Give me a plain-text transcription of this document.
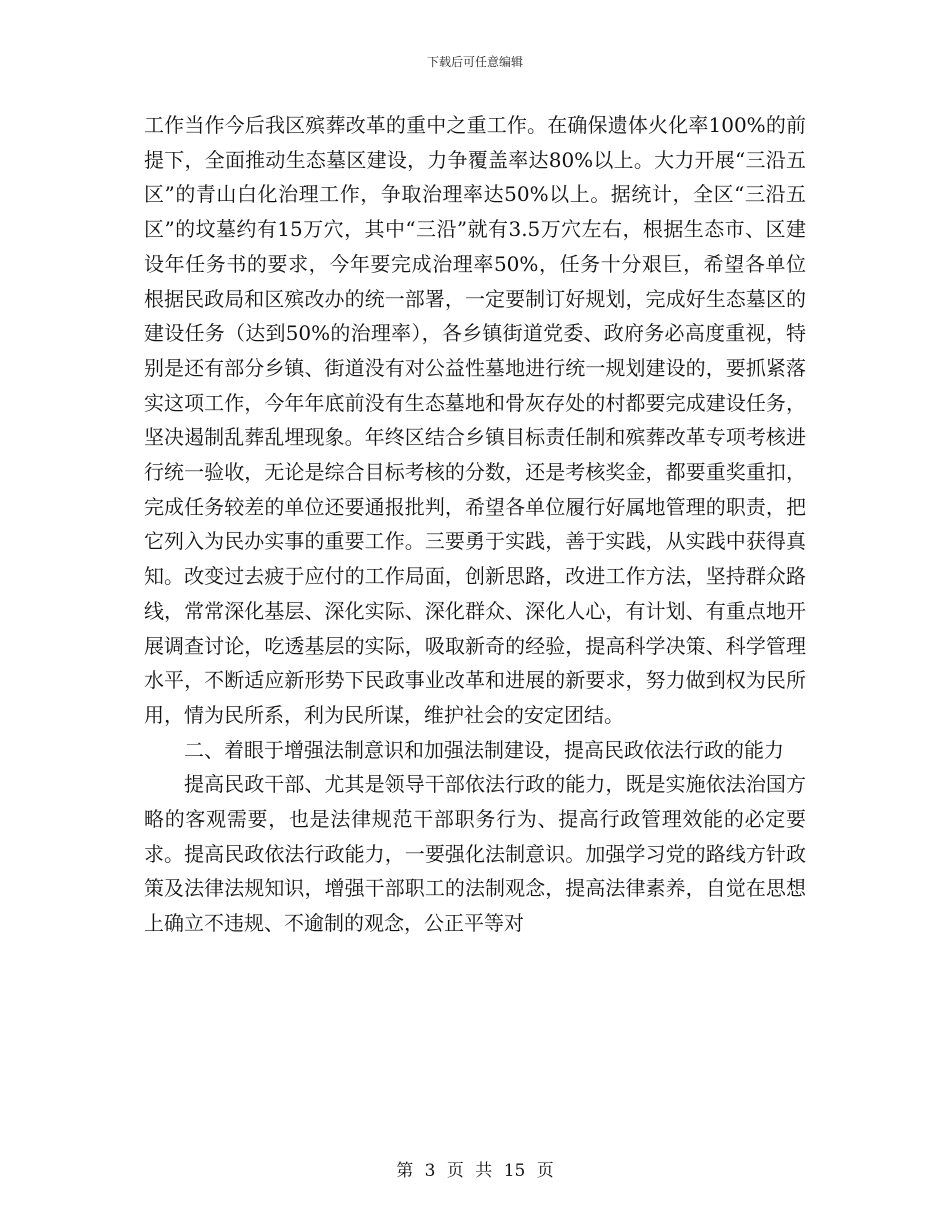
下载后可任意编辑

工作当作今后我区殡葬改革的重中之重工作。在确保遗体火化率100%的前提下，全面推动生态墓区建设，力争覆盖率达80%以上。大力开展“三沿五区”的青山白化治理工作，争取治理率达50%以上。据统计，全区“三沿五区”的坟墓约有15万穴，其中“三沿”就有3.5万穴左右，根据生态市、区建设年任务书的要求，今年要完成治理率50%，任务十分艰巨，希望各单位根据民政局和区殡改办的统一部署，一定要制订好规划，完成好生态墓区的建设任务（达到50%的治理率），各乡镇街道党委、政府务必高度重视，特别是还有部分乡镇、街道没有对公益性墓地进行统一规划建设的，要抓紧落实这项工作，今年年底前没有生态墓地和骨灰存处的村都要完成建设任务，坚决遏制乱葬乱埋现象。年终区结合乡镇目标责任制和殡葬改革专项考核进行统一验收，无论是综合目标考核的分数，还是考核奖金，都要重奖重扣，完成任务较差的单位还要通报批判，希望各单位履行好属地管理的职责，把它列入为民办实事的重要工作。三要勇于实践，善于实践，从实践中获得真知。改变过去疲于应付的工作局面，创新思路，改进工作方法，坚持群众路线，常常深化基层、深化实际、深化群众、深化人心，有计划、有重点地开展调查讨论，吃透基层的实际，吸取新奇的经验，提高科学决策、科学管理水平，不断适应新形势下民政事业改革和进展的新要求，努力做到权为民所用，情为民所系，利为民所谋，维护社会的安定团结。

二、着眼于增强法制意识和加强法制建设，提高民政依法行政的能力

提高民政干部、尤其是领导干部依法行政的能力，既是实施依法治国方略的客观需要，也是法律规范干部职务行为、提高行政管理效能的必定要求。提高民政依法行政能力，一要强化法制意识。加强学习党的路线方针政策及法律法规知识，增强干部职工的法制观念，提高法律素养，自觉在思想上确立不违规、不逾制的观念，公正平等对

第 3 页 共 15 页
